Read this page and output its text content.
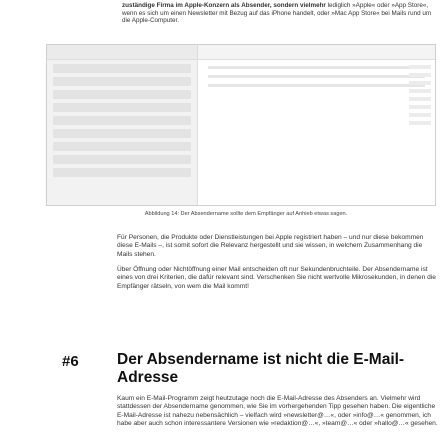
zuständige Firma im Apple-Konzern als Absender, sondern vielmehr lediglich »Apple« oder »App Store«, wenn es sich um einen Newsletter mit Bezug auf das iPhone handelt, oder »Mac App Store« bei Mails rund um die Apple-Computer.
Abbildung 14: Der Absendername sollte dem Empfänger auf Anhieb etwas sagen.

Für Personen, die Produkte oder Dienstleistungen bei Apple registriert haben – und nur diese bekommen diese E-Mails –, ist somit sofort die Relevanz hergestellt und sie wissen, in welchem Zusammenhang die Mails stehen.

Über Öffnung oder Nichtöffnung einer Mail entscheiden oft nur Sekundenbruchteile. Der Absendername ist eines von drei Kriterien, die dafür relevant sind. Verschenken Sie nicht wertvolle Mikrosekunden, in denen die Empfänger rätseln, von wem die Mail kommt!

#6 Der Absendername ist nicht die E-Mail-Adresse

Kaum ein E-Mail-Programm zeigt heutzutage noch die E-Mail-Adresse des Absenders an. Vielmehr wird stattdessen der Absendername genommen, wie Sie im vorhergehenden Tipp gesehen haben. Die eigentliche E-Mail-Adresse ist nahezu nebensächlich – vielfach wird »newsletter@…«, oder »info@…« genommen, ich habe aber auch schon interessantere Versionen wie »redaktion@…«, »team@…« oder »hallo@…« gesehen.
